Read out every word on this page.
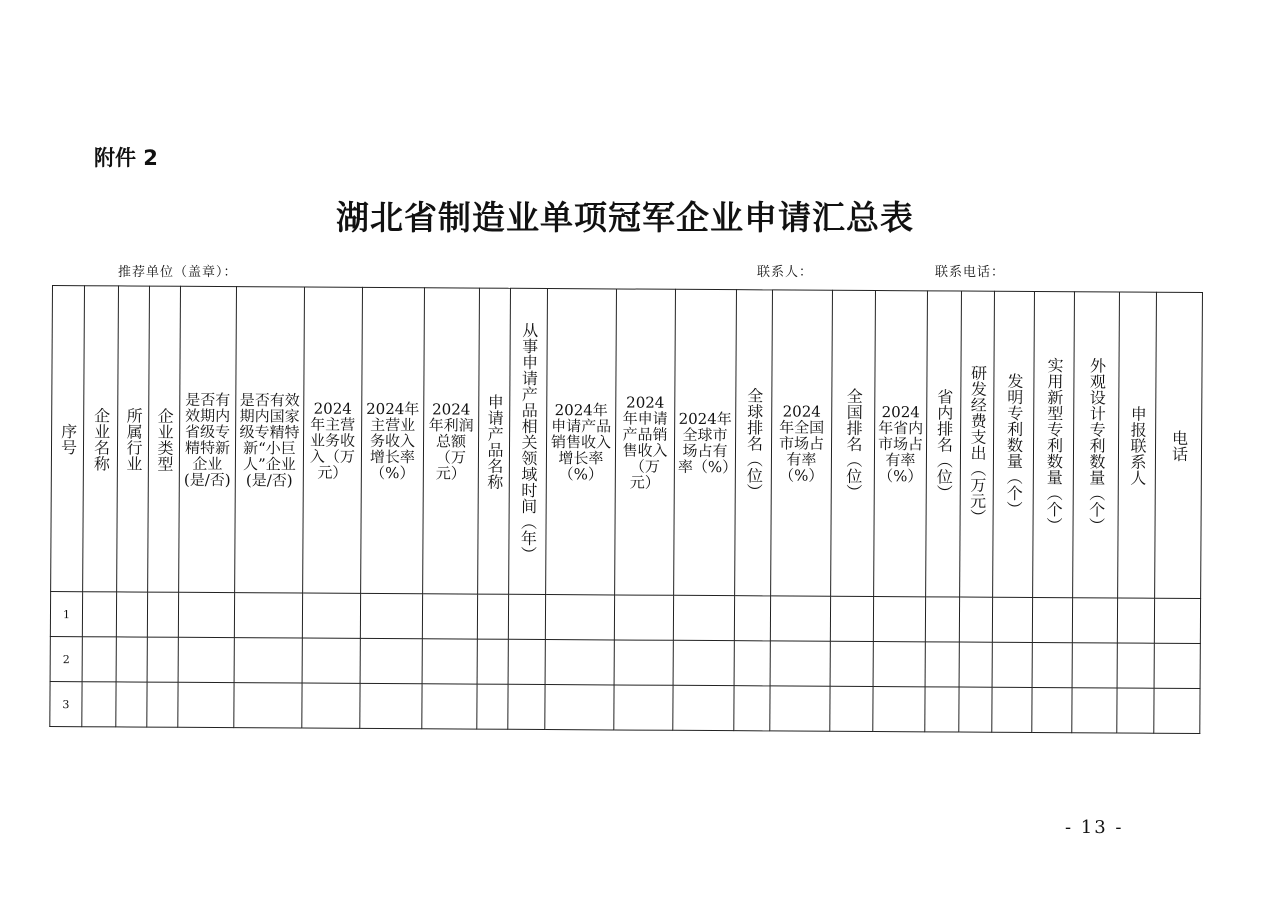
附件 2
湖北省制造业单项冠军企业申请汇总表
推荐单位（盖章）：	联系人：	联系电话：
序号	企业名称	所属行业	企业类型	是否有效期内省级专精特新企业(是/否)	是否有效期内国家级专精特新“小巨人”企业(是/否)	2024年主营业务收入（万元）	2024年主营业务收入增长率（%）	2024年利润总额（万元）	申请产品名称	从事申请产品相关领域时间（年）	2024年申请产品销售收入增长率（%）	2024年申请产品销售收入（万元）	2024年全球市场占有率（%）	全球排名（位）	2024年全国市场占有率（%）	全国排名（位）	2024年省内市场占有率（%）	省内排名（位）	研发经费支出（万元）	发明专利数量（个）	实用新型专利数量（个）	外观设计专利数量（个）	申报联系人	电话

1																								
2																								
3																								
- 13 -
